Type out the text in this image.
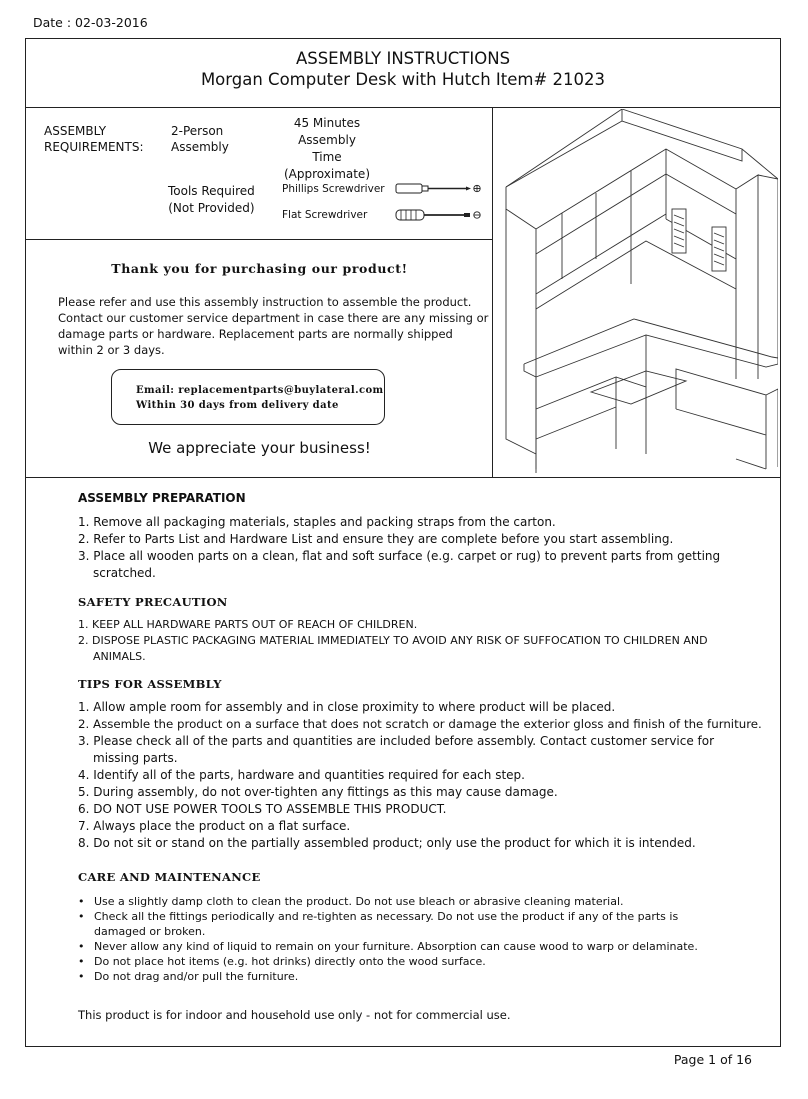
Date : 02-03-2016
ASSEMBLY INSTRUCTIONS
Morgan Computer Desk with Hutch Item# 21023
ASSEMBLY
REQUIREMENTS:
2-Person
Assembly
45 Minutes
Assembly Time
(Approximate)
Tools Required
(Not Provided)
Phillips Screwdriver
Flat Screwdriver
Thank you for purchasing our product!
Please refer and use this assembly instruction to assemble the product.
Contact our customer service department in case there are any missing or
damage parts or hardware. Replacement parts are normally shipped
within 2 or 3 days.
Email: replacementparts@buylateral.com
Within 30 days from delivery date
We appreciate your business!
ASSEMBLY PREPARATION
1. Remove all packaging materials, staples and packing straps from the carton.
2. Refer to Parts List and Hardware List and ensure they are complete before you start assembling.
3. Place all wooden parts on a clean, flat and soft surface (e.g. carpet or rug) to prevent parts from getting scratched.
SAFETY PRECAUTION
1. KEEP ALL HARDWARE PARTS OUT OF REACH OF CHILDREN.
2. DISPOSE PLASTIC PACKAGING MATERIAL IMMEDIATELY TO AVOID ANY RISK OF SUFFOCATION TO CHILDREN AND ANIMALS.
TIPS FOR ASSEMBLY
1. Allow ample room for assembly and in close proximity to where product will be placed.
2. Assemble the product on a surface that does not scratch or damage the exterior gloss and finish of the furniture.
3. Please check all of the parts and quantities are included before assembly. Contact customer service for missing parts.
4. Identify all of the parts, hardware and quantities required for each step.
5. During assembly, do not over-tighten any fittings as this may cause damage.
6. DO NOT USE POWER TOOLS TO ASSEMBLE THIS PRODUCT.
7. Always place the product on a flat surface.
8. Do not sit or stand on the partially assembled product; only use the product for which it is intended.
CARE AND MAINTENANCE
• Use a slightly damp cloth to clean the product. Do not use bleach or abrasive cleaning material.
• Check all the fittings periodically and re-tighten as necessary. Do not use the product if any of the parts is damaged or broken.
• Never allow any kind of liquid to remain on your furniture. Absorption can cause wood to warp or delaminate.
• Do not place hot items (e.g. hot drinks) directly onto the wood surface.
• Do not drag and/or pull the furniture.
This product is for indoor and household use only - not for commercial use.
Page 1 of 16
